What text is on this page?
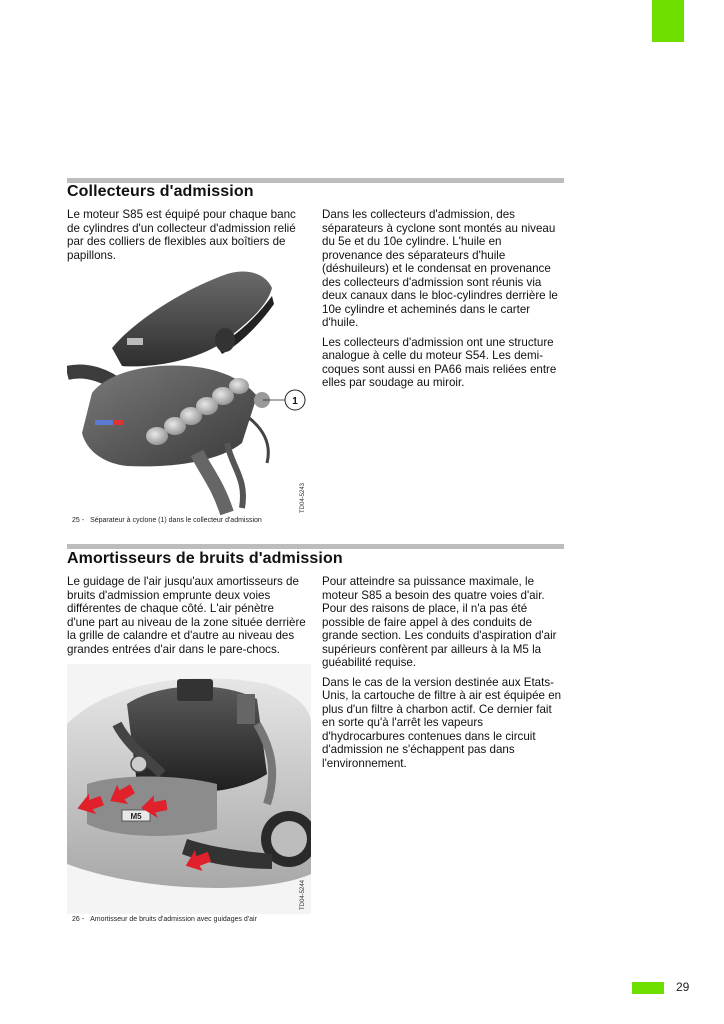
Collecteurs d'admission

Le moteur S85 est équipé pour chaque banc
de cylindres d'un collecteur d'admission relié
par des colliers de flexibles aux boîtiers de
papillons.

Dans les collecteurs d'admission, des
séparateurs à cyclone sont montés au niveau
du 5e et du 10e cylindre. L'huile en
provenance des séparateurs d'huile
(déshuileurs) et le condensat en provenance
des collecteurs d'admission sont réunis via
deux canaux dans le bloc-cylindres derrière le
10e cylindre et acheminés dans le carter
d'huile.

Les collecteurs d'admission ont une structure
analogue à celle du moteur S54. Les demi-
coques sont aussi en PA66 mais reliées entre
elles par soudage au miroir.

1
TD04-5243
25 - Séparateur à cyclone (1) dans le collecteur d'admission
Amortisseurs de bruits d'admission

Le guidage de l'air jusqu'aux amortisseurs de
bruits d'admission emprunte deux voies
différentes de chaque côté. L'air pénètre
d'une part au niveau de la zone située derrière
la grille de calandre et d'autre au niveau des
grandes entrées d'air dans le pare-chocs.

Pour atteindre sa puissance maximale, le
moteur S85 a besoin des quatre voies d'air.
Pour des raisons de place, il n'a pas été
possible de faire appel à des conduits de
grande section. Les conduits d'aspiration d'air
supérieurs confèrent par ailleurs à la M5 la
guéabilité requise.

Dans le cas de la version destinée aux Etats-
Unis, la cartouche de filtre à air est équipée en
plus d'un filtre à charbon actif. Ce dernier fait
en sorte qu'à l'arrêt les vapeurs
d'hydrocarbures contenues dans le circuit
d'admission ne s'échappent pas dans
l'environnement.

M5
TD04-5244
26 - Amortisseur de bruits d'admission avec guidages d'air
29
